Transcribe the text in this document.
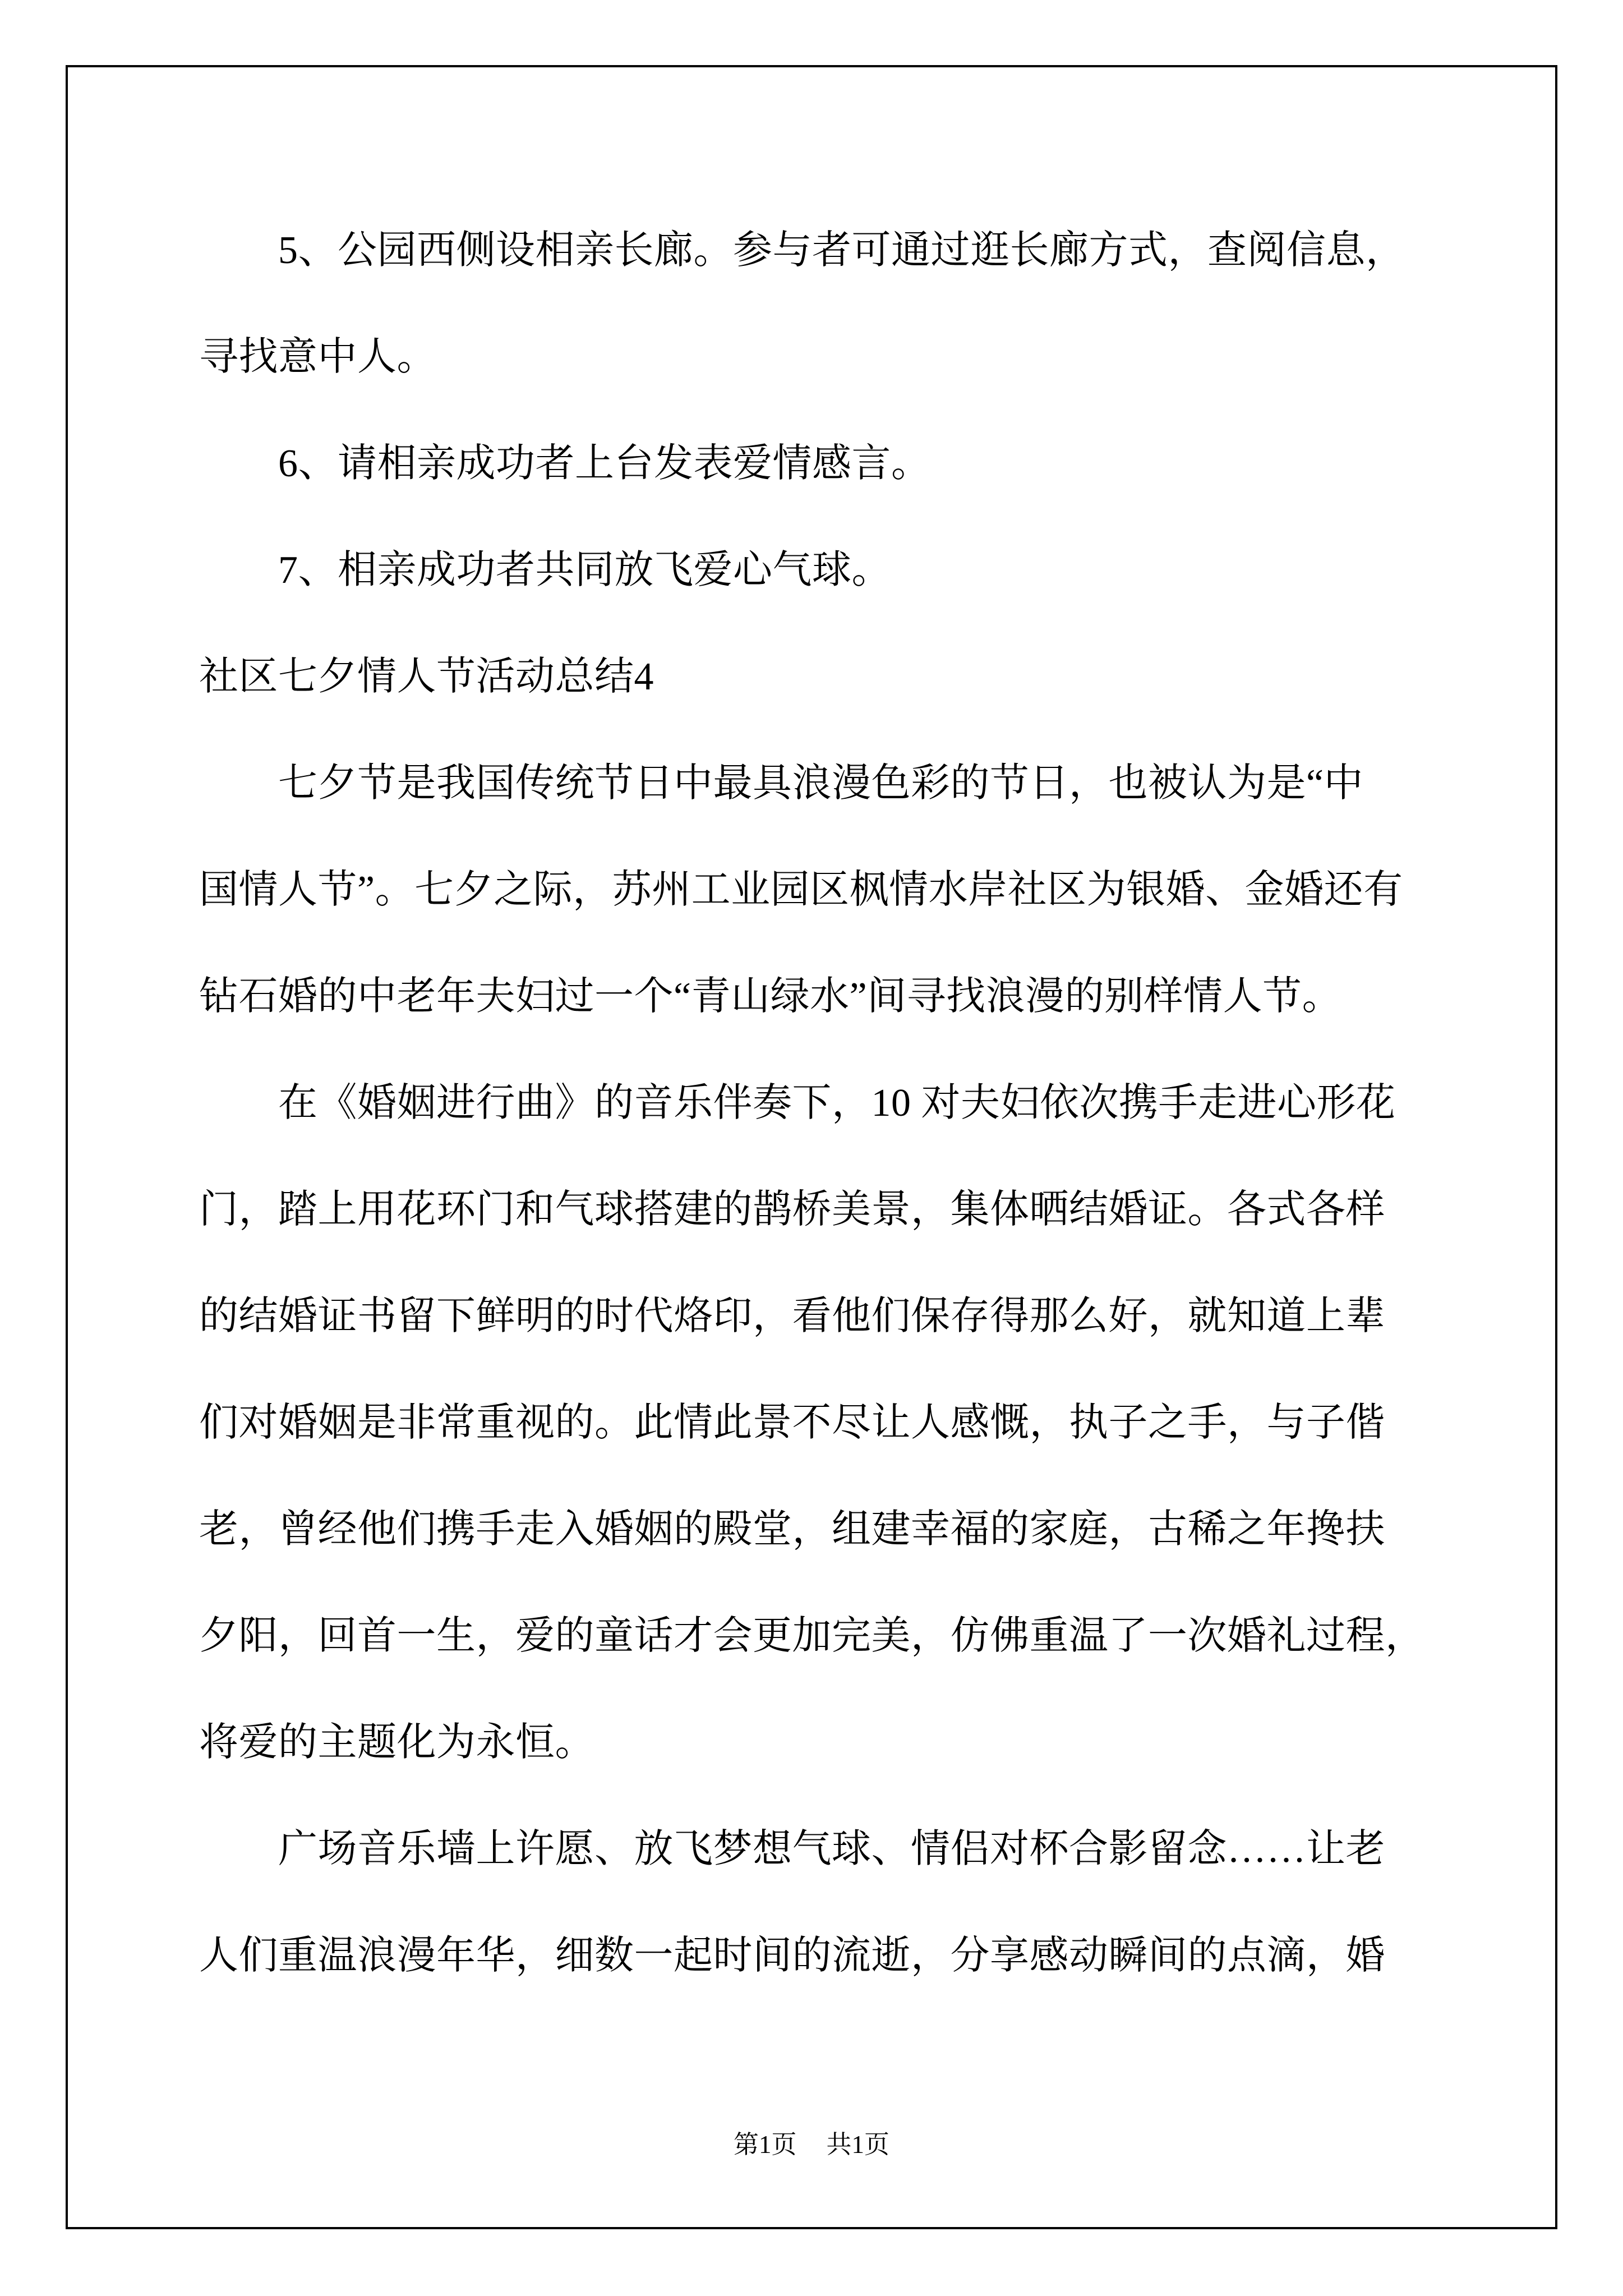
5、公园西侧设相亲长廊。参与者可通过逛长廊方式，查阅信息，
寻找意中人。
6、请相亲成功者上台发表爱情感言。
7、相亲成功者共同放飞爱心气球。
社区七夕情人节活动总结4
七夕节是我国传统节日中最具浪漫色彩的节日，也被认为是“中
国情人节”。七夕之际，苏州工业园区枫情水岸社区为银婚、金婚还有
钻石婚的中老年夫妇过一个“青山绿水”间寻找浪漫的别样情人节。
在《婚姻进行曲》的音乐伴奏下，10 对夫妇依次携手走进心形花
门，踏上用花环门和气球搭建的鹊桥美景，集体晒结婚证。各式各样
的结婚证书留下鲜明的时代烙印，看他们保存得那么好，就知道上辈
们对婚姻是非常重视的。此情此景不尽让人感慨，执子之手，与子偕
老，曾经他们携手走入婚姻的殿堂，组建幸福的家庭，古稀之年搀扶
夕阳，回首一生，爱的童话才会更加完美，仿佛重温了一次婚礼过程，
将爱的主题化为永恒。
广场音乐墙上许愿、放飞梦想气球、情侣对杯合影留念……让老
人们重温浪漫年华，细数一起时间的流逝，分享感动瞬间的点滴，婚
第1页 共1页
